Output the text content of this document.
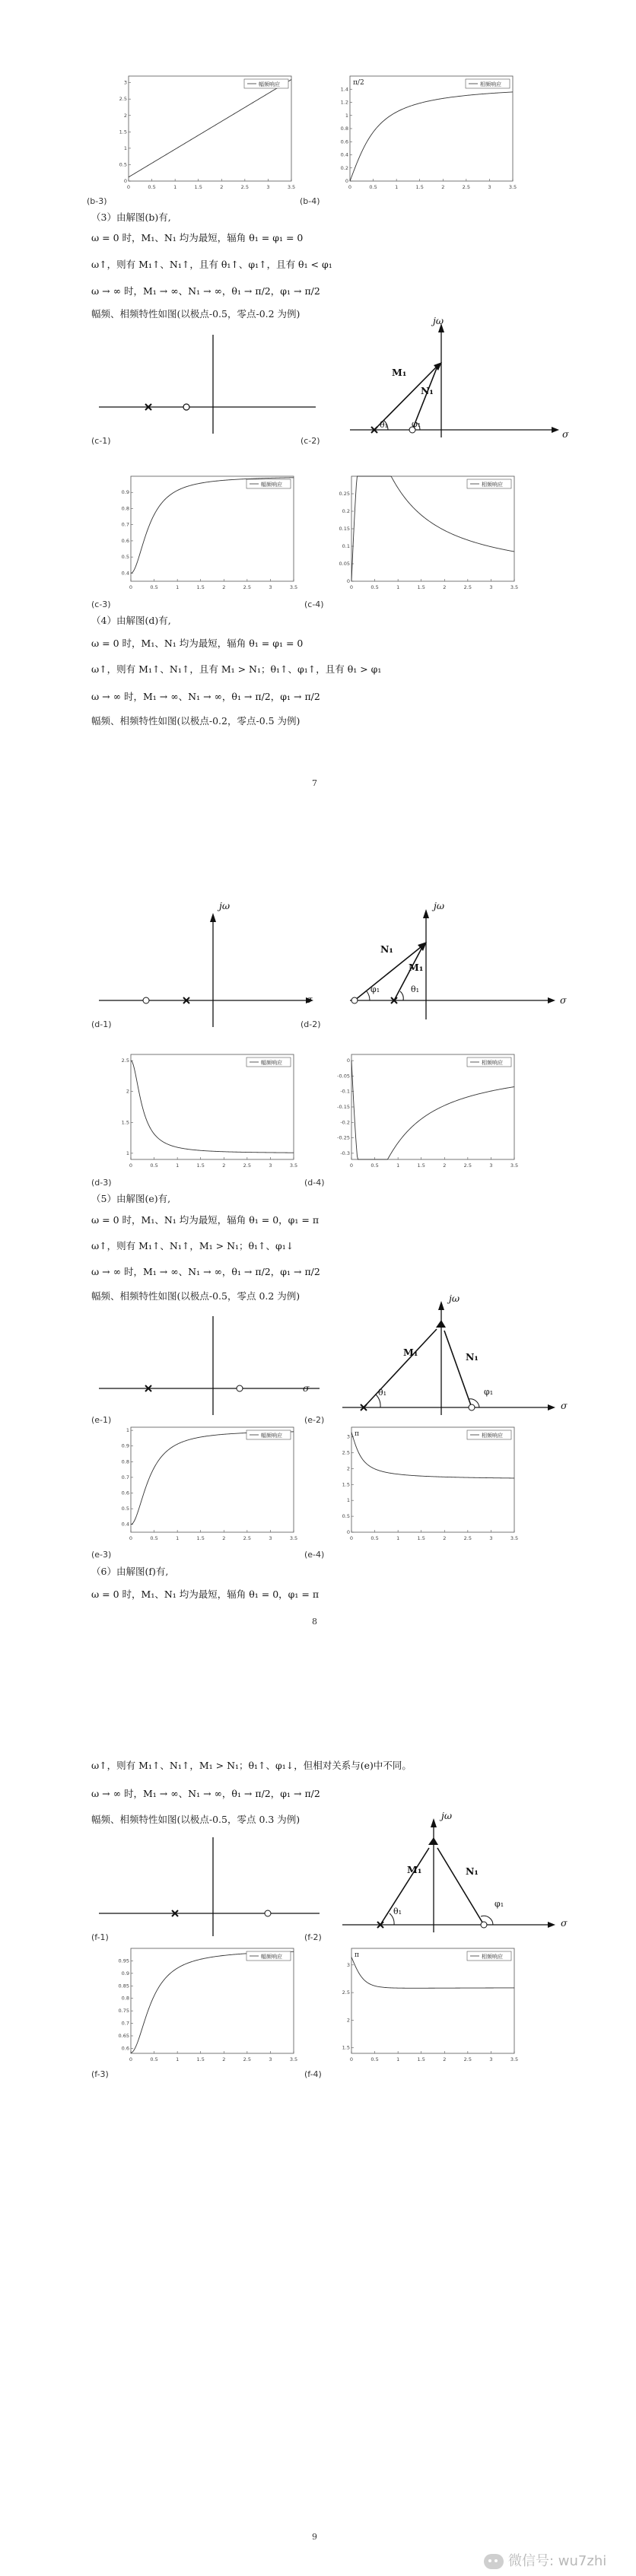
0	0.5	1	1.5	2	2.5	3	3.5
0
0.5
1
1.5
2
2.5
3	幅频响应
0	0.5	1	1.5	2	2.5	3	3.5
0
0.2
0.4
0.6
0.8
1
1.2
1.4
相频响应
π/2
(b-3)	(b-4)
（3）由解图(b)有,
ω = 0 时，M₁、N₁ 均为最短，辐角 θ₁ = φ₁ = 0
ω↑，则有 M₁↑、N₁↑，且有 θ₁↑、φ₁↑，且有 θ₁ < φ₁
ω → ∞ 时，M₁ → ∞、N₁ → ∞，θ₁ → π/2，φ₁ → π/2
幅频、相频特性如图(以极点-0.5，零点-0.2 为例)
(c-1)
jω
σ
M₁
N₁
θ₁	φ₁
(c-2)
0	0.5	1	1.5	2	2.5	3	3.5
0.4
0.5
0.6
0.7
0.8
0.9
幅频响应
0	0.5	1	1.5	2	2.5	3	3.5
0
0.05
0.1
0.15
0.2
0.25
相频响应
(c-3)	(c-4)
（4）由解图(d)有,
ω = 0 时，M₁、N₁ 均为最短，辐角 θ₁ = φ₁ = 0
ω↑，则有 M₁↑、N₁↑，且有 M₁ > N₁；θ₁↑、φ₁↑，且有 θ₁ > φ₁
ω → ∞ 时，M₁ → ∞、N₁ → ∞，θ₁ → π/2，φ₁ → π/2
幅频、相频特性如图(以极点-0.2，零点-0.5 为例)
7
jω
σ
(d-1)
jω
σ
N₁
M₁
φ₁	θ₁
(d-2)
0	0.5	1	1.5	2	2.5	3	3.5
1
1.5
2
2.5	幅频响应
0	0.5	1	1.5	2	2.5	3	3.5
-0.3
-0.25
-0.2
-0.15
-0.1
-0.05
0	相频响应
(d-3)	(d-4)
（5）由解图(e)有,
ω = 0 时，M₁、N₁ 均为最短，辐角 θ₁ = 0，φ₁ = π
ω↑，则有 M₁↑、N₁↑，M₁ > N₁；θ₁↑、φ₁↓
ω → ∞ 时，M₁ → ∞、N₁ → ∞，θ₁ → π/2，φ₁ → π/2
幅频、相频特性如图(以极点-0.5，零点 0.2 为例)
σ
(e-1)
jω
σ
M₁	N₁
θ₁	φ₁
(e-2)
0	0.5	1	1.5	2	2.5	3	3.5
0.4
0.5
0.6
0.7
0.8
0.9
1
幅频响应
0	0.5	1	1.5	2	2.5	3	3.5
0
0.5
1
1.5
2
2.5
3	相频响应
π
(e-3)	(e-4)
（6）由解图(f)有,
ω = 0 时，M₁、N₁ 均为最短，辐角 θ₁ = 0，φ₁ = π
8
ω↑，则有 M₁↑、N₁↑，M₁ > N₁；θ₁↑、φ₁↓，但相对关系与(e)中不同。
ω → ∞ 时，M₁ → ∞、N₁ → ∞，θ₁ → π/2，φ₁ → π/2
幅频、相频特性如图(以极点-0.5，零点 0.3 为例)
(f-1)
jω
σ
M₁	N₁
θ₁
φ₁
(f-2)
0	0.5	1	1.5	2	2.5	3	3.5
0.6
0.65
0.7
0.75
0.8
0.85
0.9
0.95
幅频响应
0	0.5	1	1.5	2	2.5	3	3.5
1.5
2
2.5
3
相频响应
π
(f-3)	(f-4)
9
微信号: wu7zhi
